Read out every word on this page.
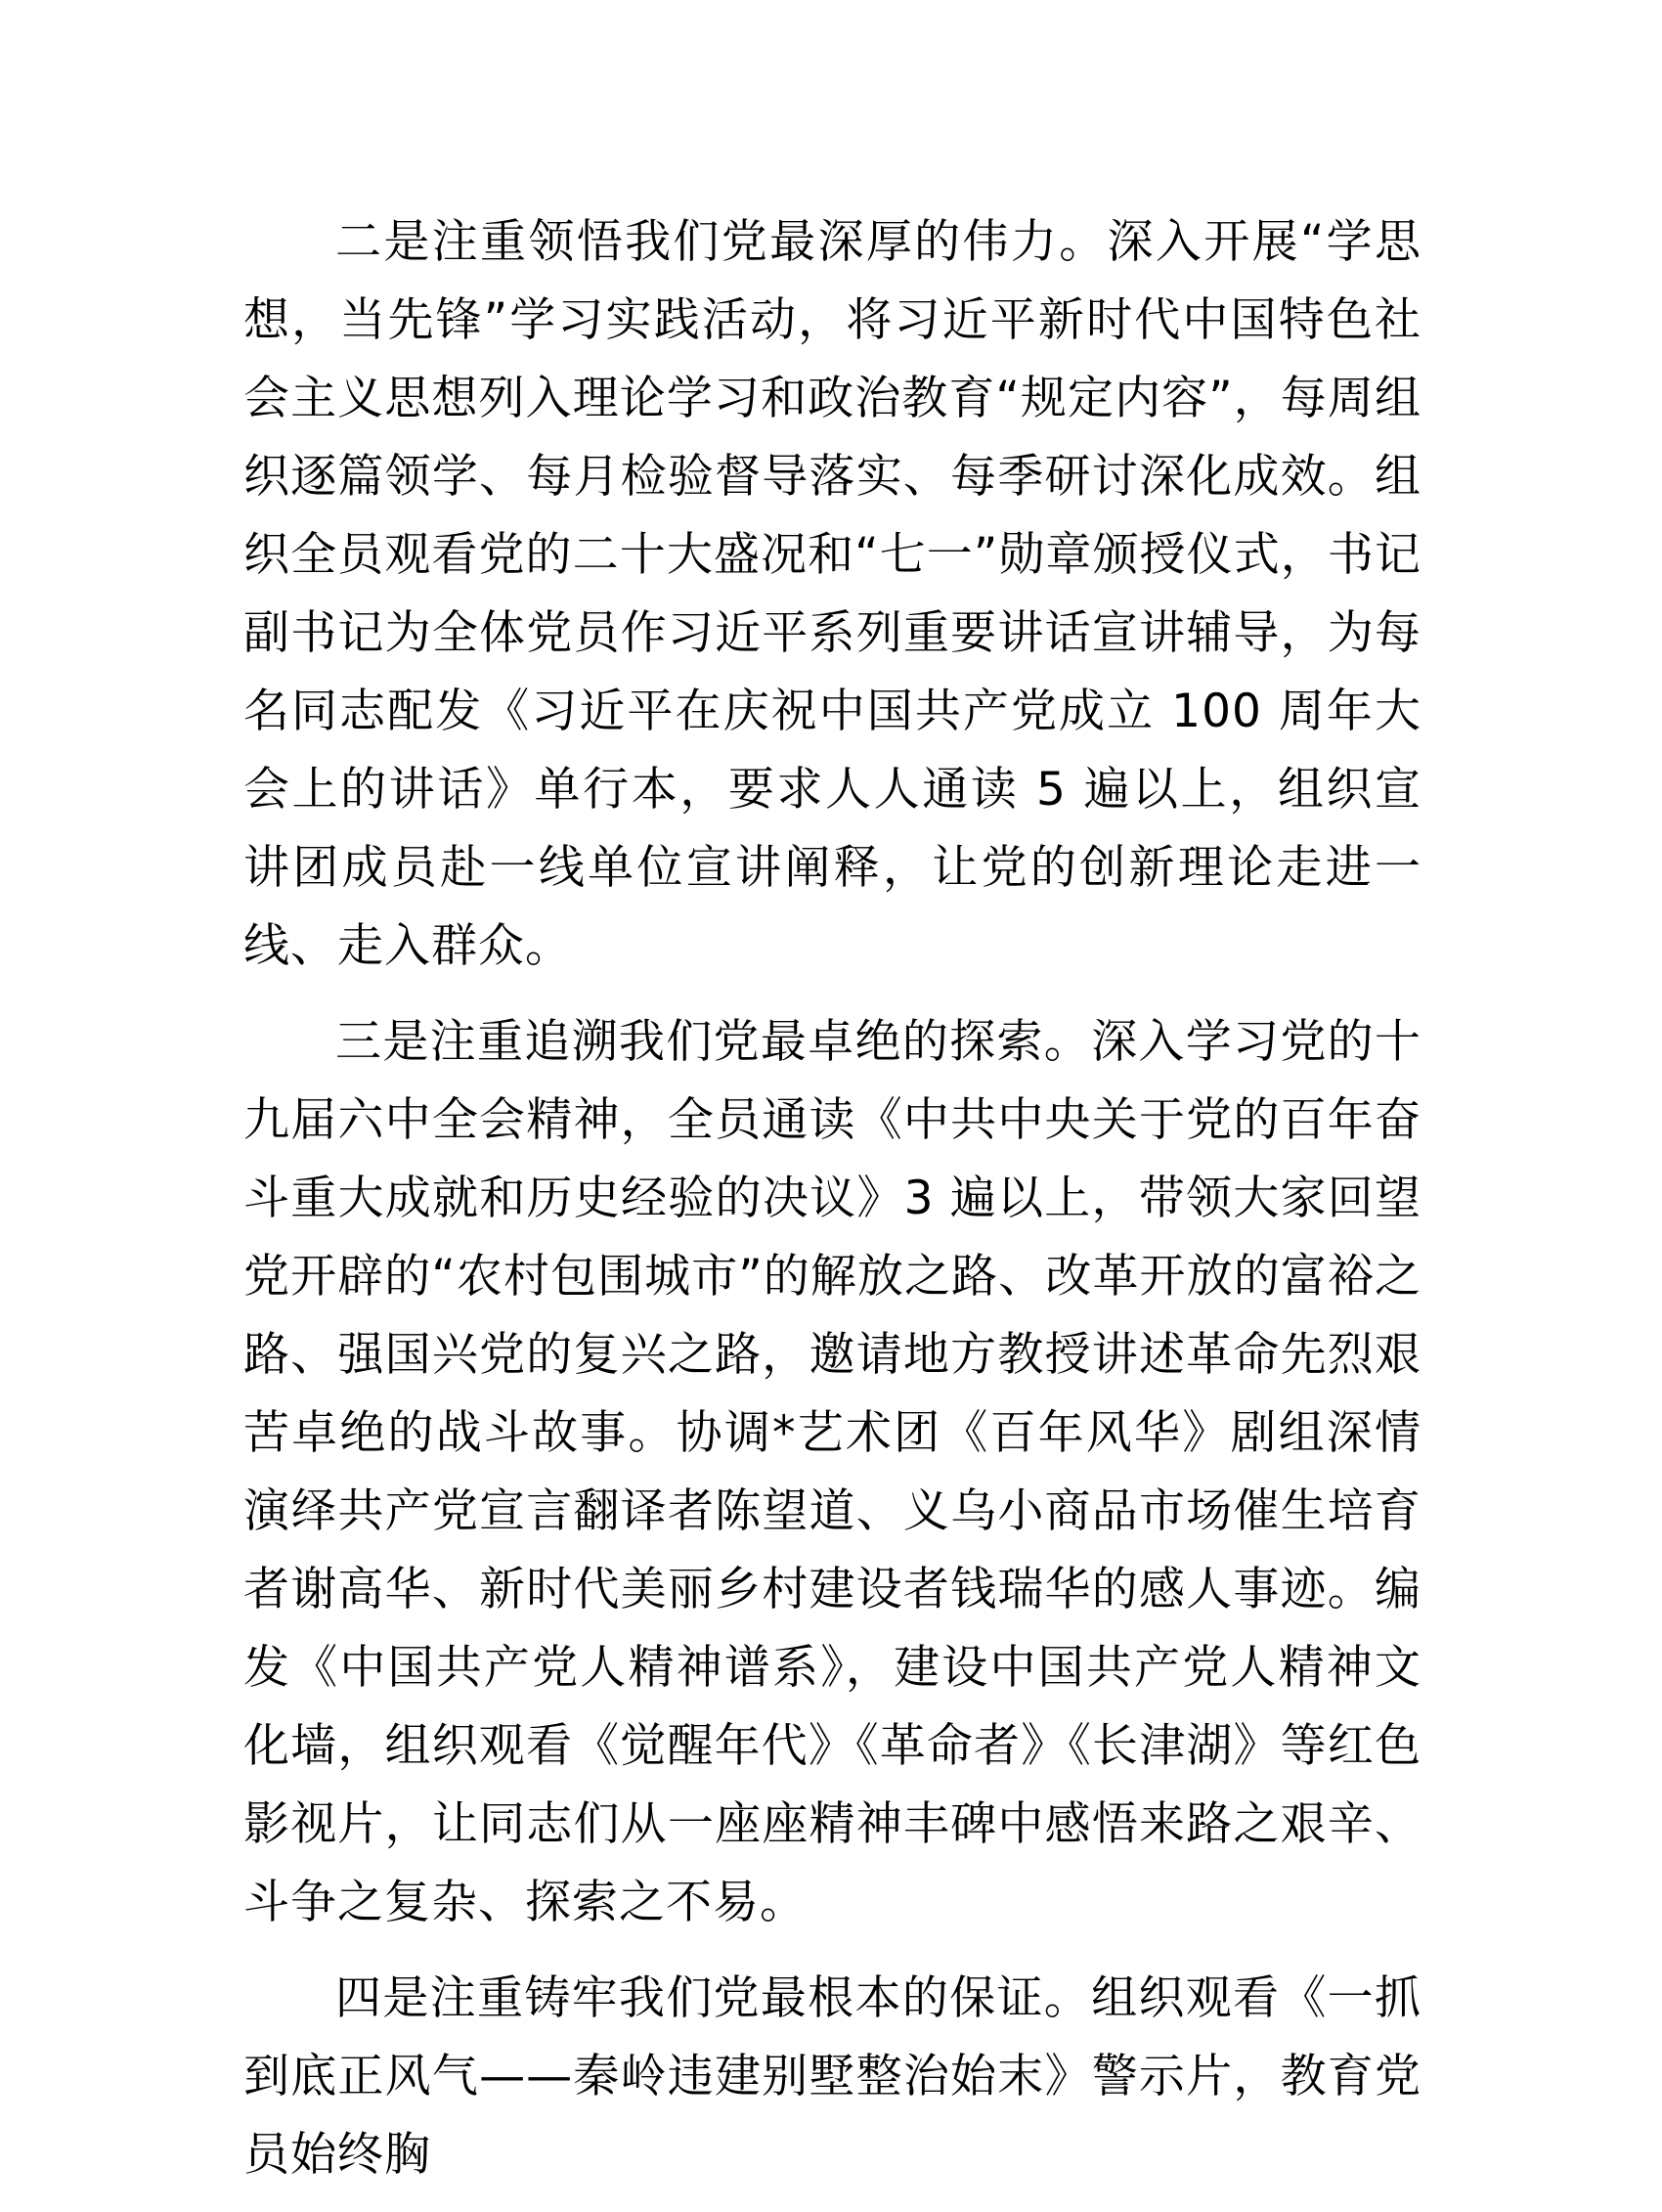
二是注重领悟我们党最深厚的伟力。深入开展“学思想，当先锋”学习实践活动，将习近平新时代中国特色社会主义思想列入理论学习和政治教育“规定内容”，每周组织逐篇领学、每月检验督导落实、每季研讨深化成效。组织全员观看党的二十大盛况和“七一”勋章颁授仪式，书记副书记为全体党员作习近平系列重要讲话宣讲辅导，为每名同志配发《习近平在庆祝中国共产党成立 100 周年大会上的讲话》单行本，要求人人通读 5 遍以上，组织宣讲团成员赴一线单位宣讲阐释，让党的创新理论走进一线、走入群众。

三是注重追溯我们党最卓绝的探索。深入学习党的十九届六中全会精神，全员通读《中共中央关于党的百年奋斗重大成就和历史经验的决议》3 遍以上，带领大家回望党开辟的“农村包围城市”的解放之路、改革开放的富裕之路、强国兴党的复兴之路，邀请地方教授讲述革命先烈艰苦卓绝的战斗故事。协调*艺术团《百年风华》剧组深情演绎共产党宣言翻译者陈望道、义乌小商品市场催生培育者谢高华、新时代美丽乡村建设者钱瑞华的感人事迹。编发《中国共产党人精神谱系》，建设中国共产党人精神文化墙，组织观看《觉醒年代》《革命者》《长津湖》等红色影视片，让同志们从一座座精神丰碑中感悟来路之艰辛、斗争之复杂、探索之不易。

四是注重铸牢我们党最根本的保证。组织观看《一抓到底正风气——秦岭违建别墅整治始末》警示片，教育党员始终胸
